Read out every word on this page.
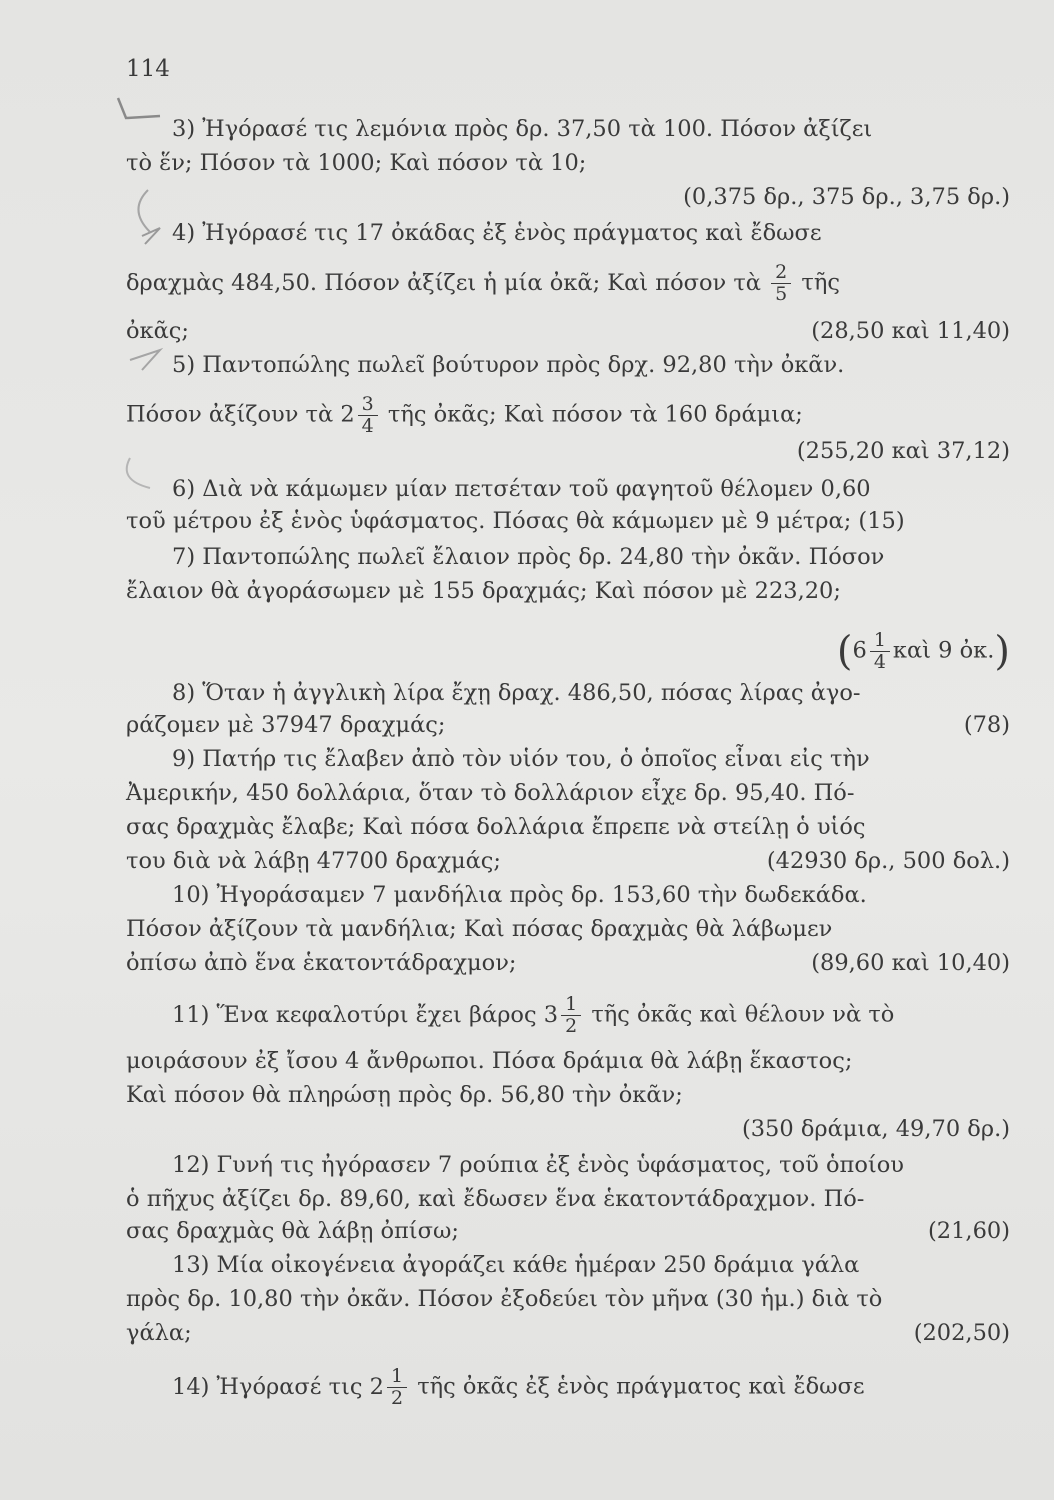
114
3) Ἠγόρασέ τις λεμόνια πρὸς δρ. 37,50 τὰ 100. Πόσον ἀξίζει
τὸ ἕν; Πόσον τὰ 1000; Καὶ πόσον τὰ 10;
(0,375 δρ., 375 δρ., 3,75 δρ.)
4) Ἠγόρασέ τις 17 ὀκάδας ἐξ ἑνὸς πράγματος καὶ ἔδωσε
δραχμὰς 484,50. Πόσον ἀξίζει ἡ μία ὀκᾶ; Καὶ πόσον τὰ $\frac{2}{5}$ τῆς
ὀκᾶς;	(28,50 καὶ 11,40)
5) Παντοπώλης πωλεῖ βούτυρον πρὸς δρχ. 92,80 τὴν ὀκᾶν.
Πόσον ἀξίζουν τὰ $2 \frac{3}{4}$ τῆς ὀκᾶς; Καὶ πόσον τὰ 160 δράμια;
(255,20 καὶ 37,12)
6) Διὰ νὰ κάμωμεν μίαν πετσέταν τοῦ φαγητοῦ θέλομεν 0,60
τοῦ μέτρου ἐξ ἑνὸς ὑφάσματος. Πόσας θὰ κάμωμεν μὲ 9 μέτρα; (15)
7) Παντοπώλης πωλεῖ ἔλαιον πρὸς δρ. 24,80 τὴν ὀκᾶν. Πόσον
ἔλαιον θὰ ἀγοράσωμεν μὲ 155 δραχμάς; Καὶ πόσον μὲ 223,20;
($6 \frac{1}{4}$ καὶ 9 ὀκ.)
8) Ὅταν ἡ ἀγγλικὴ λίρα ἔχῃ δραχ. 486,50, πόσας λίρας ἀγο-
ράζομεν μὲ 37947 δραχμάς;	(78)
9) Πατήρ τις ἔλαβεν ἀπὸ τὸν υἱόν του, ὁ ὁποῖος εἶναι εἰς τὴν
Ἀμερικήν, 450 δολλάρια, ὅταν τὸ δολλάριον εἶχε δρ. 95,40. Πό-
σας δραχμὰς ἔλαβε; Καὶ πόσα δολλάρια ἔπρεπε νὰ στείλῃ ὁ υἱός
του διὰ νὰ λάβῃ 47700 δραχμάς;	(42930 δρ., 500 δολ.)
10) Ἠγοράσαμεν 7 μανδήλια πρὸς δρ. 153,60 τὴν δωδεκάδα.
Πόσον ἀξίζουν τὰ μανδήλια; Καὶ πόσας δραχμὰς θὰ λάβωμεν
ὀπίσω ἀπὸ ἕνα ἑκατοντάδραχμον;	(89,60 καὶ 10,40)
11) Ἕνα κεφαλοτύρι ἔχει βάρος $3 \frac{1}{2}$ τῆς ὀκᾶς καὶ θέλουν νὰ τὸ
μοιράσουν ἐξ ἴσου 4 ἄνθρωποι. Πόσα δράμια θὰ λάβῃ ἕκαστος;
Καὶ πόσον θὰ πληρώσῃ πρὸς δρ. 56,80 τὴν ὀκᾶν;
(350 δράμια, 49,70 δρ.)
12) Γυνή τις ἠγόρασεν 7 ρούπια ἐξ ἑνὸς ὑφάσματος, τοῦ ὁποίου
ὁ πῆχυς ἀξίζει δρ. 89,60, καὶ ἔδωσεν ἕνα ἑκατοντάδραχμον. Πό-
σας δραχμὰς θὰ λάβῃ ὀπίσω;	(21,60)
13) Μία οἰκογένεια ἀγοράζει κάθε ἡμέραν 250 δράμια γάλα
πρὸς δρ. 10,80 τὴν ὀκᾶν. Πόσον ἐξοδεύει τὸν μῆνα (30 ἡμ.) διὰ τὸ
γάλα;	(202,50)
14) Ἠγόρασέ τις $2 \frac{1}{2}$ τῆς ὀκᾶς ἐξ ἑνὸς πράγματος καὶ ἔδωσε
